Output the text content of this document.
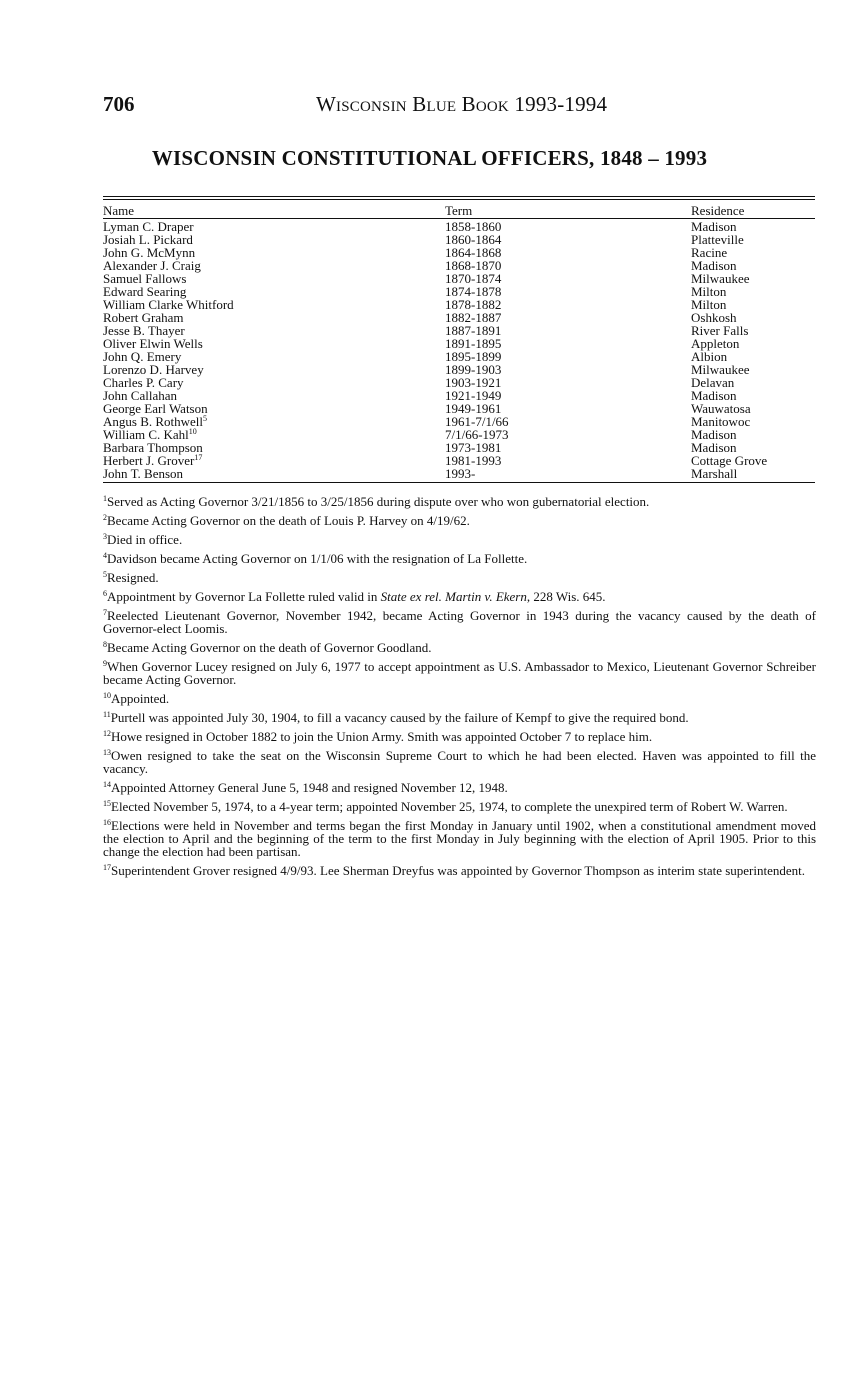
706	Wisconsin Blue Book 1993-1994
WISCONSIN CONSTITUTIONAL OFFICERS, 1848 – 1993
Name	Term	Residence
Lyman C. Draper	1858-1860	Madison
Josiah L. Pickard	1860-1864	Platteville
John G. McMynn	1864-1868	Racine
Alexander J. Craig	1868-1870	Madison
Samuel Fallows	1870-1874	Milwaukee
Edward Searing	1874-1878	Milton
William Clarke Whitford	1878-1882	Milton
Robert Graham	1882-1887	Oshkosh
Jesse B. Thayer	1887-1891	River Falls
Oliver Elwin Wells	1891-1895	Appleton
John Q. Emery	1895-1899	Albion
Lorenzo D. Harvey	1899-1903	Milwaukee
Charles P. Cary	1903-1921	Delavan
John Callahan	1921-1949	Madison
George Earl Watson	1949-1961	Wauwatosa
Angus B. Rothwell$^5$	1961-7/1/66	Manitowoc
William C. Kahl$^{10}$	7/1/66-1973	Madison
Barbara Thompson	1973-1981	Madison
Herbert J. Grover$^{17}$	1981-1993	Cottage Grove
John T. Benson	1993-	Marshall

$^1$Served as Acting Governor 3/21/1856 to 3/25/1856 during dispute over who won gubernatorial election.

$^2$Became Acting Governor on the death of Louis P. Harvey on 4/19/62.

$^3$Died in office.

$^4$Davidson became Acting Governor on 1/1/06 with the resignation of La Follette.

$^5$Resigned.

$^6$Appointment by Governor La Follette ruled valid in State ex rel. Martin v. Ekern, 228 Wis. 645.

$^7$Reelected Lieutenant Governor, November 1942, became Acting Governor in 1943 during the vacancy caused by the death of Governor-elect Loomis.

$^8$Became Acting Governor on the death of Governor Goodland.

$^9$When Governor Lucey resigned on July 6, 1977 to accept appointment as U.S. Ambassador to Mexico, Lieutenant Governor Schreiber became Acting Governor.

$^{10}$Appointed.

$^{11}$Purtell was appointed July 30, 1904, to fill a vacancy caused by the failure of Kempf to give the required bond.

$^{12}$Howe resigned in October 1882 to join the Union Army. Smith was appointed October 7 to replace him.

$^{13}$Owen resigned to take the seat on the Wisconsin Supreme Court to which he had been elected. Haven was appointed to fill the vacancy.

$^{14}$Appointed Attorney General June 5, 1948 and resigned November 12, 1948.

$^{15}$Elected November 5, 1974, to a 4-year term; appointed November 25, 1974, to complete the unexpired term of Robert W. Warren.

$^{16}$Elections were held in November and terms began the first Monday in January until 1902, when a constitutional amendment moved the election to April and the beginning of the term to the first Monday in July beginning with the election of April 1905. Prior to this change the election had been partisan.

$^{17}$Superintendent Grover resigned 4/9/93. Lee Sherman Dreyfus was appointed by Governor Thompson as interim state superintendent.
